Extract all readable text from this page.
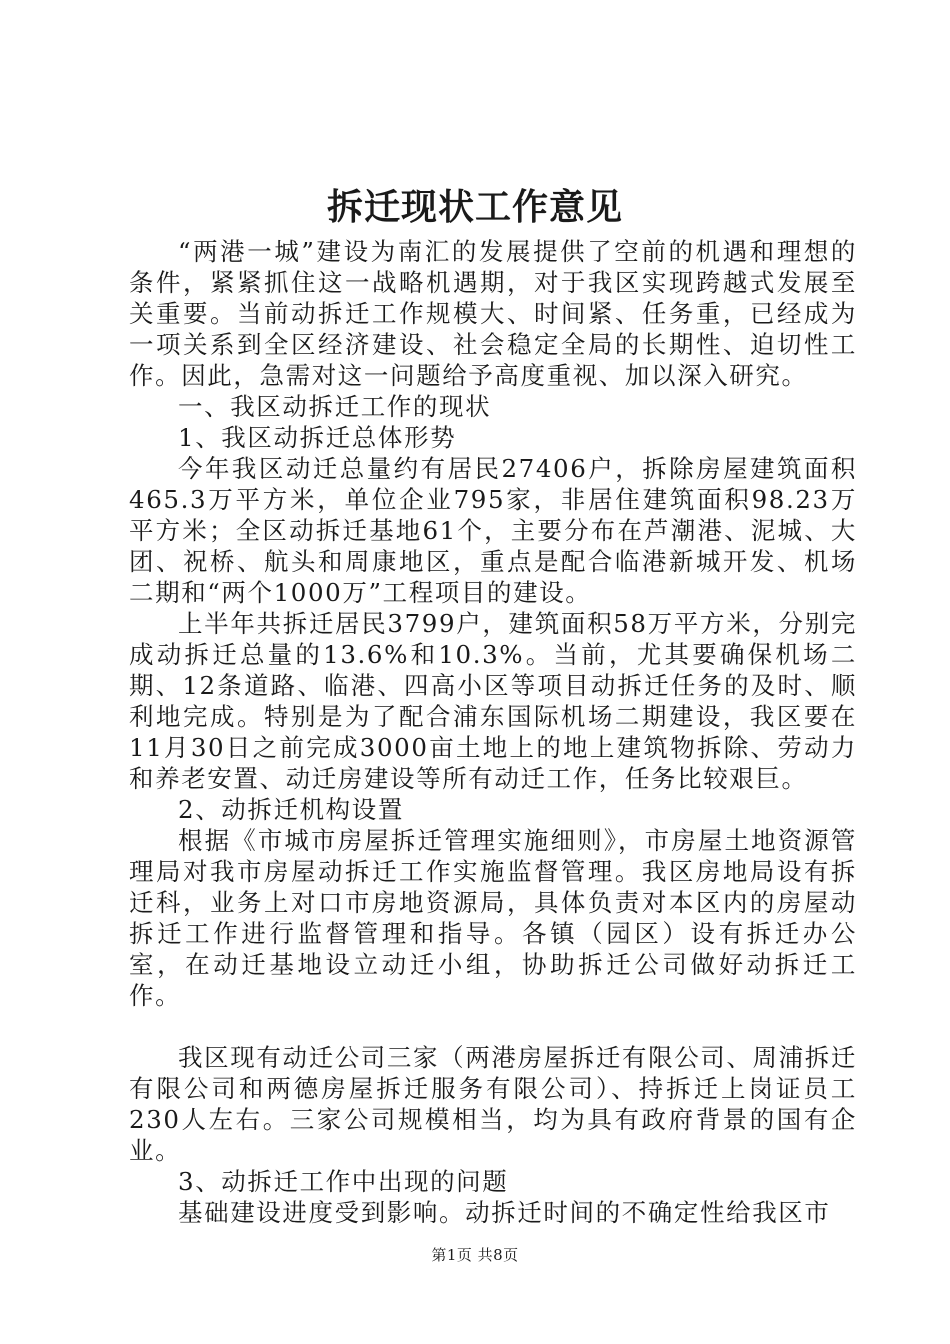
拆迁现状工作意见

“两港一城”建设为南汇的发展提供了空前的机遇和理想的条件，紧紧抓住这一战略机遇期，对于我区实现跨越式发展至关重要。当前动拆迁工作规模大、时间紧、任务重，已经成为一项关系到全区经济建设、社会稳定全局的长期性、迫切性工作。因此，急需对这一问题给予高度重视、加以深入研究。

一、我区动拆迁工作的现状

1、我区动拆迁总体形势

今年我区动迁总量约有居民27406户，拆除房屋建筑面积465.3万平方米，单位企业795家，非居住建筑面积98.23万平方米；全区动拆迁基地61个，主要分布在芦潮港、泥城、大团、祝桥、航头和周康地区，重点是配合临港新城开发、机场二期和“两个1000万”工程项目的建设。

上半年共拆迁居民3799户，建筑面积58万平方米，分别完成动拆迁总量的13.6%和10.3%。当前，尤其要确保机场二期、12条道路、临港、四高小区等项目动拆迁任务的及时、顺利地完成。特别是为了配合浦东国际机场二期建设，我区要在11月30日之前完成3000亩土地上的地上建筑物拆除、劳动力和养老安置、动迁房建设等所有动迁工作，任务比较艰巨。

2、动拆迁机构设置

根据《市城市房屋拆迁管理实施细则》，市房屋土地资源管理局对我市房屋动拆迁工作实施监督管理。我区房地局设有拆迁科，业务上对口市房地资源局，具体负责对本区内的房屋动拆迁工作进行监督管理和指导。各镇（园区）设有拆迁办公室，在动迁基地设立动迁小组，协助拆迁公司做好动拆迁工作。

我区现有动迁公司三家（两港房屋拆迁有限公司、周浦拆迁有限公司和两德房屋拆迁服务有限公司）、持拆迁上岗证员工230人左右。三家公司规模相当，均为具有政府背景的国有企业。

3、动拆迁工作中出现的问题

基础建设进度受到影响。动拆迁时间的不确定性给我区市

第1页 共8页
